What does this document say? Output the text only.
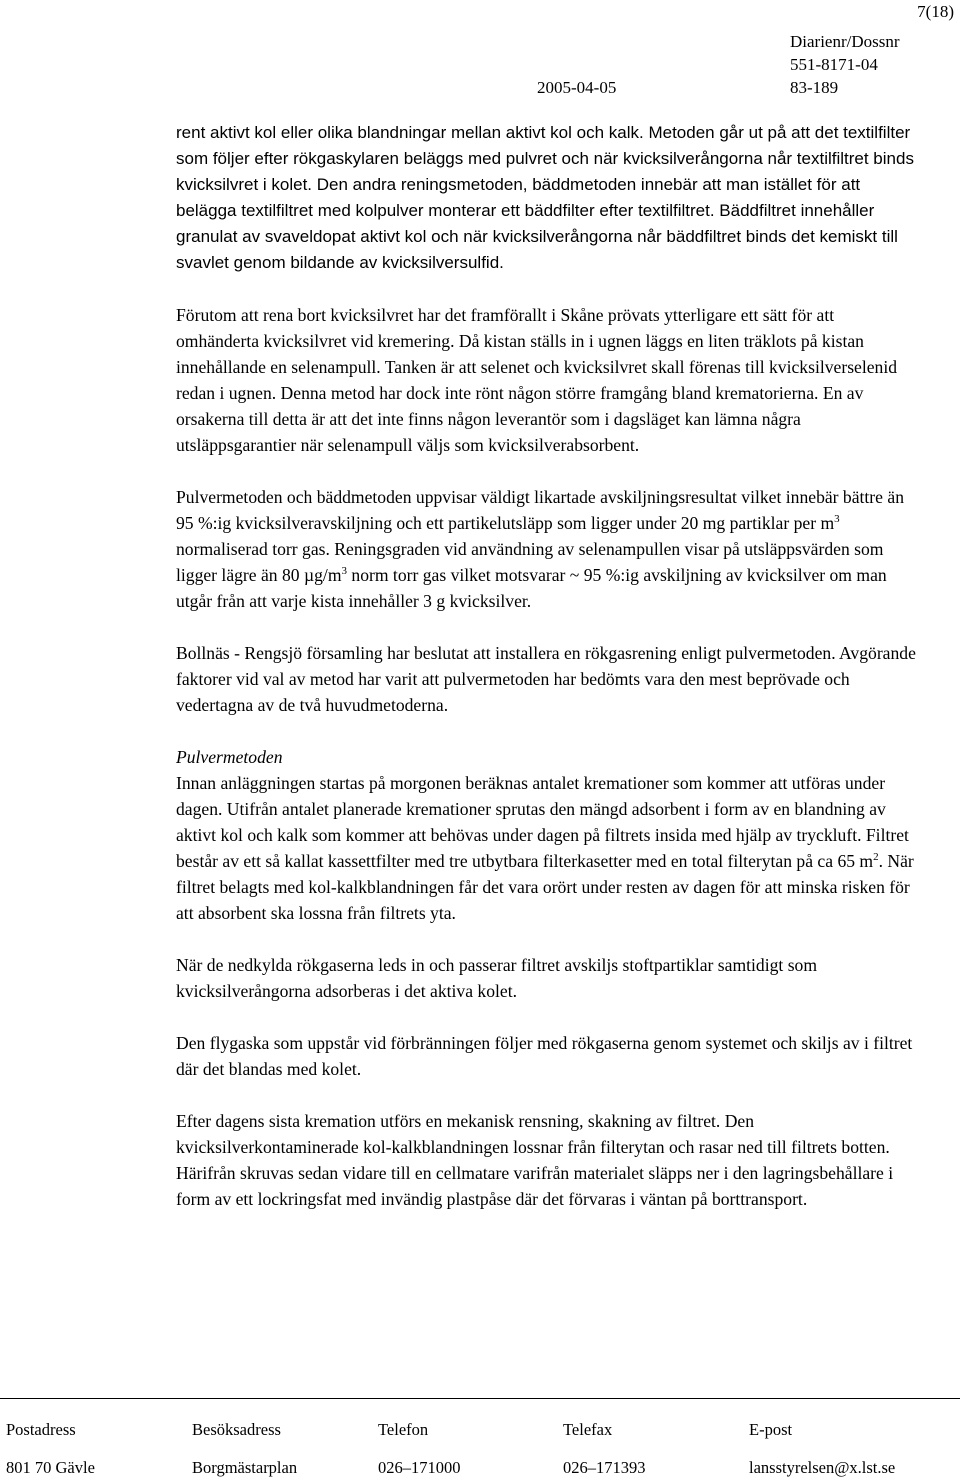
7(18)
Diarienr/Dossnr
551-8171-04
2005-04-05	83-189

rent aktivt kol eller olika blandningar mellan aktivt kol och kalk. Metoden går ut på att det textilfilter som följer efter rökgaskylaren beläggs med pulvret och när kvicksilverångorna når textilfiltret binds kvicksilvret i kolet. Den andra reningsmetoden, bäddmetoden innebär att man istället för att belägga textilfiltret med kolpulver monterar ett bäddfilter efter textilfiltret. Bäddfiltret innehåller granulat av svaveldopat aktivt kol och när kvicksilverångorna når bäddfiltret binds det kemiskt till svavlet genom bildande av kvicksilversulfid.

Förutom att rena bort kvicksilvret har det framförallt i Skåne prövats ytterligare ett sätt för att omhänderta kvicksilvret vid kremering. Då kistan ställs in i ugnen läggs en liten träklots på kistan innehållande en selenampull. Tanken är att selenet och kvicksilvret skall förenas till kvicksilverselenid redan i ugnen. Denna metod har dock inte rönt någon större framgång bland krematorierna. En av orsakerna till detta är att det inte finns någon leverantör som i dagsläget kan lämna några utsläppsgarantier när selenampull väljs som kvicksilverabsorbent.

Pulvermetoden och bäddmetoden uppvisar väldigt likartade avskiljningsresultat vilket innebär bättre än 95 %:ig kvicksilveravskiljning och ett partikelutsläpp som ligger under 20 mg partiklar per $m^3$ normaliserad torr gas. Reningsgraden vid användning av selenampullen visar på utsläppsvärden som ligger lägre än 80 $\mu g/m^3$ norm torr gas vilket motsvarar ~ 95 %:ig avskiljning av kvicksilver om man utgår från att varje kista innehåller 3 g kvicksilver.

Bollnäs - Rengsjö församling har beslutat att installera en rökgasrening enligt pulvermetoden. Avgörande faktorer vid val av metod har varit att pulvermetoden har bedömts vara den mest beprövade och vedertagna av de två huvudmetoderna.

Pulvermetoden

Innan anläggningen startas på morgonen beräknas antalet kremationer som kommer att utföras under dagen. Utifrån antalet planerade kremationer sprutas den mängd adsorbent i form av en blandning av aktivt kol och kalk som kommer att behövas under dagen på filtrets insida med hjälp av tryckluft. Filtret består av ett så kallat kassettfilter med tre utbytbara filterkasetter med en total filterytan på ca 65 $m^2$. När filtret belagts med kol-kalkblandningen får det vara orört under resten av dagen för att minska risken för att absorbent ska lossna från filtrets yta.

När de nedkylda rökgaserna leds in och passerar filtret avskiljs stoftpartiklar samtidigt som kvicksilverångorna adsorberas i det aktiva kolet.

Den flygaska som uppstår vid förbränningen följer med rökgaserna genom systemet och skiljs av i filtret där det blandas med kolet.

Efter dagens sista kremation utförs en mekanisk rensning, skakning av filtret. Den kvicksilverkontaminerade kol-kalkblandningen lossnar från filterytan och rasar ned till filtrets botten. Härifrån skruvas sedan vidare till en cellmatare varifrån materialet släpps ner i den lagringsbehållare i form av ett lockringsfat med invändig plastpåse där det förvaras i väntan på borttransport.

Postadress	Besöksadress	Telefon	Telefax	E-post
801 70 Gävle	Borgmästarplan	026–171000	026–171393	lansstyrelsen@x.lst.se
